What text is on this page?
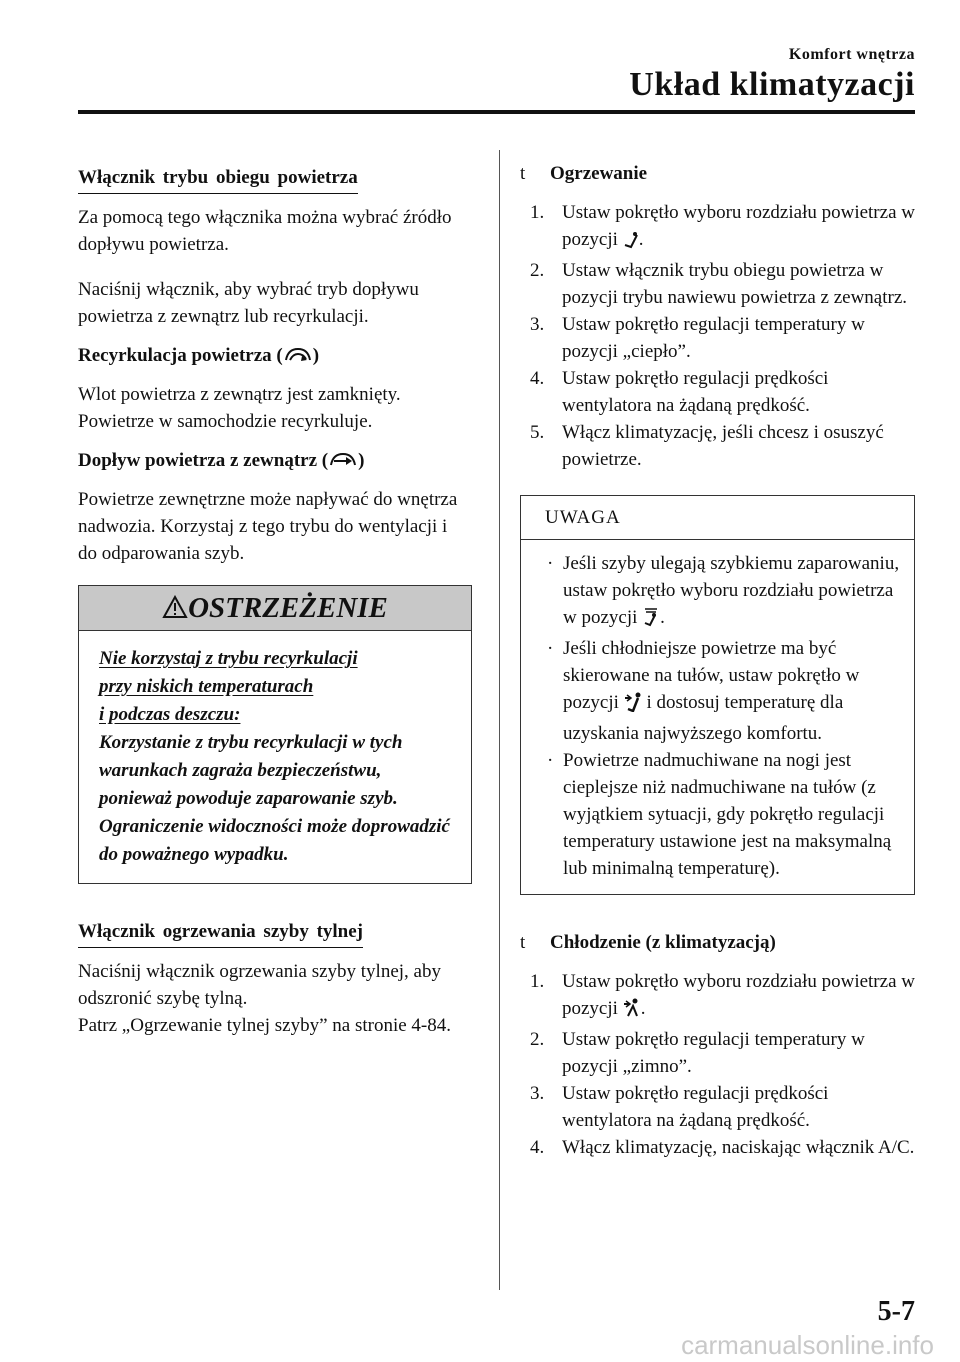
Komfort wnętrza
Układ klimatyzacji
Włącznik trybu obiegu powietrza

Za pomocą tego włącznika można wybrać źródło dopływu powietrza.

Naciśnij włącznik, aby wybrać tryb dopływu powietrza z zewnątrz lub recyrkulacji.

Recyrkulacja powietrza ( )

Wlot powietrza z zewnątrz jest zamknięty. Powietrze w samochodzie recyrkuluje.

Dopływ powietrza z zewnątrz ( )

Powietrze zewnętrzne może napływać do wnętrza nadwozia. Korzystaj z tego trybu do wentylacji i do odparowania szyb.

OSTRZEŻENIE
Nie korzystaj z trybu recyrkulacji
przy niskich temperaturach
i podczas deszczu:
Korzystanie z trybu recyrkulacji w tych warunkach zagraża bezpieczeństwu, ponieważ powoduje zaparowanie szyb. Ograniczenie widoczności może doprowadzić do poważnego wypadku.
Włącznik ogrzewania szyby tylnej

Naciśnij włącznik ogrzewania szyby tylnej, aby odszronić szybę tylną.

Patrz „Ogrzewanie tylnej szyby” na stronie 4-84.

t Ogrzewanie
1. Ustaw pokrętło wyboru rozdziału powietrza w pozycji .
2. Ustaw włącznik trybu obiegu powietrza w pozycji trybu nawiewu powietrza z zewnątrz.
3. Ustaw pokrętło regulacji temperatury w pozycji „ciepło”.
4. Ustaw pokrętło regulacji prędkości wentylatora na żądaną prędkość.
5. Włącz klimatyzację, jeśli chcesz i osuszyć powietrze.
UWAGA
· Jeśli szyby ulegają szybkiemu zaparowaniu, ustaw pokrętło wyboru rozdziału powietrza w pozycji .
· Jeśli chłodniejsze powietrze ma być skierowane na tułów, ustaw pokrętło w pozycji  i dostosuj temperaturę dla uzyskania najwyższego komfortu.
· Powietrze nadmuchiwane na nogi jest cieplejsze niż nadmuchiwane na tułów (z wyjątkiem sytuacji, gdy pokrętło regulacji temperatury ustawione jest na maksymalną lub minimalną temperaturę).
t Chłodzenie (z klimatyzacją)
1. Ustaw pokrętło wyboru rozdziału powietrza w pozycji .
2. Ustaw pokrętło regulacji temperatury w pozycji „zimno”.
3. Ustaw pokrętło regulacji prędkości wentylatora na żądaną prędkość.
4. Włącz klimatyzację, naciskając włącznik A/C.
5-7
carmanualsonline.info
